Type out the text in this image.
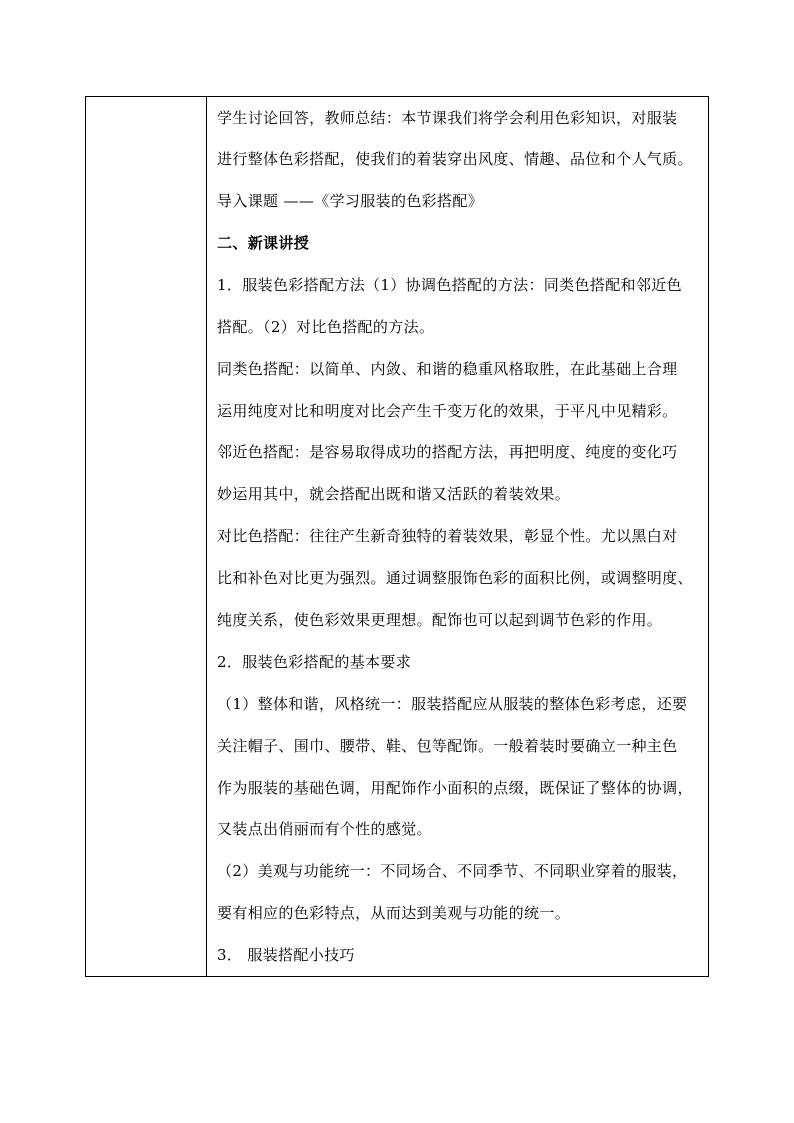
学生讨论回答，教师总结：本节课我们将学会利用色彩知识，对服装
进行整体色彩搭配，使我们的着装穿出风度、情趣、品位和个人气质。
导入课题 ——《学习服装的色彩搭配》
二、新课讲授
1．服装色彩搭配方法（1）协调色搭配的方法：同类色搭配和邻近色
搭配。（2）对比色搭配的方法。
同类色搭配：以简单、内敛、和谐的稳重风格取胜，在此基础上合理
运用纯度对比和明度对比会产生千变万化的效果，于平凡中见精彩。
邻近色搭配：是容易取得成功的搭配方法，再把明度、纯度的变化巧
妙运用其中，就会搭配出既和谐又活跃的着装效果。
对比色搭配：往往产生新奇独特的着装效果，彰显个性。尤以黑白对
比和补色对比更为强烈。通过调整服饰色彩的面积比例，或调整明度、
纯度关系，使色彩效果更理想。配饰也可以起到调节色彩的作用。
2．服装色彩搭配的基本要求
（1）整体和谐，风格统一：服装搭配应从服装的整体色彩考虑，还要
关注帽子、围巾、腰带、鞋、包等配饰。一般着装时要确立一种主色
作为服装的基础色调，用配饰作小面积的点缀，既保证了整体的协调，
又装点出俏丽而有个性的感觉。
（2）美观与功能统一：不同场合、不同季节、不同职业穿着的服装，
要有相应的色彩特点，从而达到美观与功能的统一。
3． 服装搭配小技巧
